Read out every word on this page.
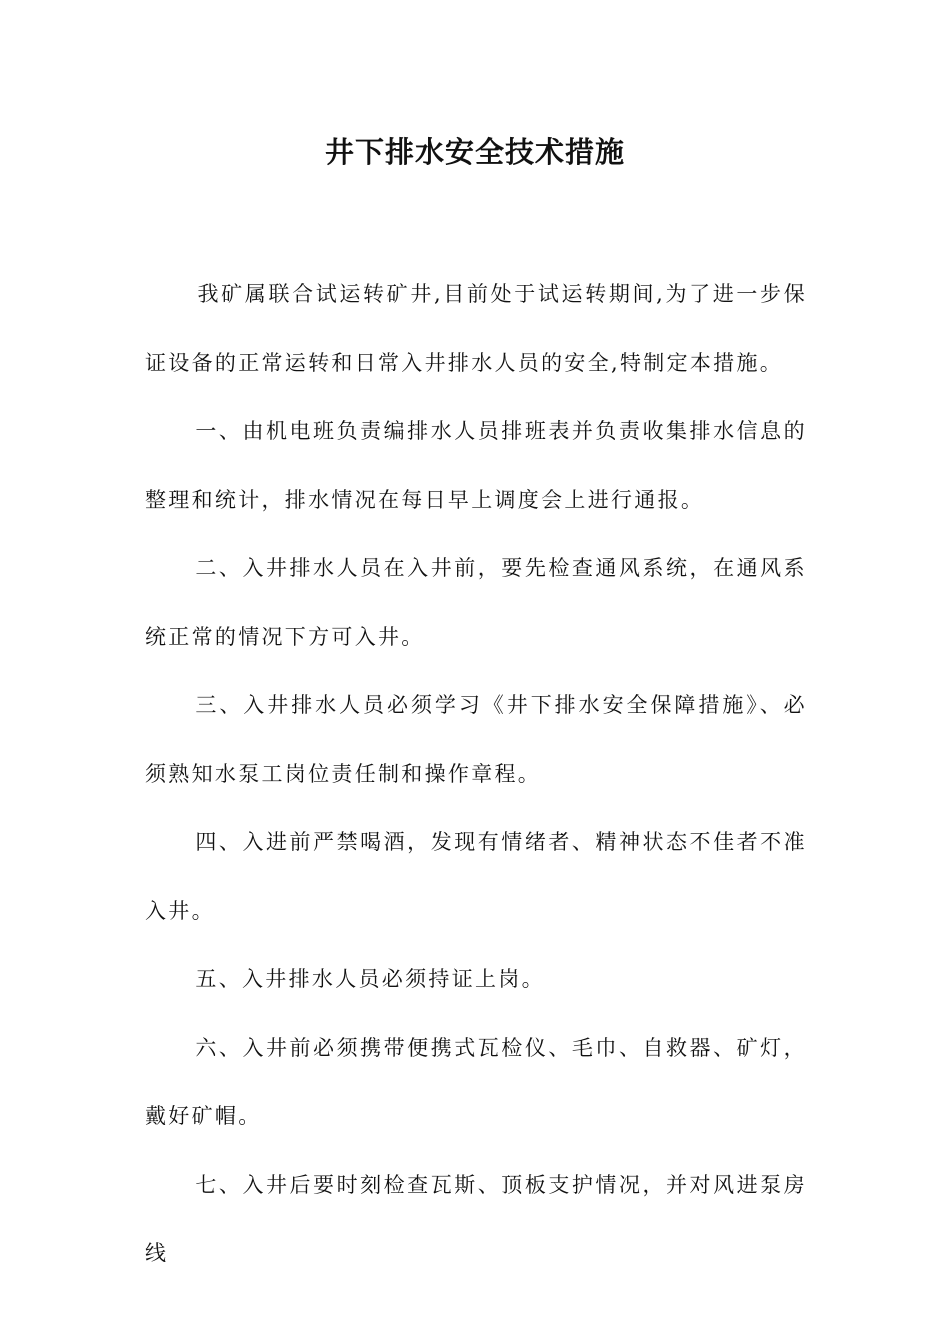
井下排水安全技术措施

我矿属联合试运转矿井,目前处于试运转期间,为了进一步保证设备的正常运转和日常入井排水人员的安全,特制定本措施。

一、由机电班负责编排水人员排班表并负责收集排水信息的整理和统计，排水情况在每日早上调度会上进行通报。

二、入井排水人员在入井前，要先检查通风系统，在通风系统正常的情况下方可入井。

三、入井排水人员必须学习《井下排水安全保障措施》、必须熟知水泵工岗位责任制和操作章程。

四、入进前严禁喝酒，发现有情绪者、精神状态不佳者不准入井。

五、入井排水人员必须持证上岗。

六、入井前必须携带便携式瓦检仪、毛巾、自救器、矿灯，戴好矿帽。

七、入井后要时刻检查瓦斯、顶板支护情况，并对风进泵房线
